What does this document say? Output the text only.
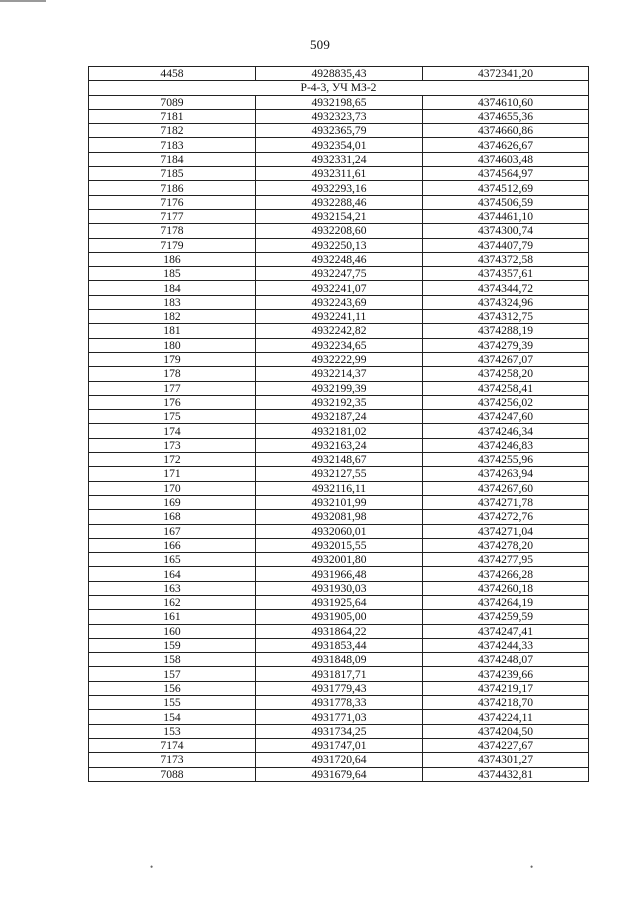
509
4458	4928835,43	4372341,20
Р-4-3, УЧ МЗ-2		
7089	4932198,65	4374610,60
7181	4932323,73	4374655,36
7182	4932365,79	4374660,86
7183	4932354,01	4374626,67
7184	4932331,24	4374603,48
7185	4932311,61	4374564,97
7186	4932293,16	4374512,69
7176	4932288,46	4374506,59
7177	4932154,21	4374461,10
7178	4932208,60	4374300,74
7179	4932250,13	4374407,79
186	4932248,46	4374372,58
185	4932247,75	4374357,61
184	4932241,07	4374344,72
183	4932243,69	4374324,96
182	4932241,11	4374312,75
181	4932242,82	4374288,19
180	4932234,65	4374279,39
179	4932222,99	4374267,07
178	4932214,37	4374258,20
177	4932199,39	4374258,41
176	4932192,35	4374256,02
175	4932187,24	4374247,60
174	4932181,02	4374246,34
173	4932163,24	4374246,83
172	4932148,67	4374255,96
171	4932127,55	4374263,94
170	4932116,11	4374267,60
169	4932101,99	4374271,78
168	4932081,98	4374272,76
167	4932060,01	4374271,04
166	4932015,55	4374278,20
165	4932001,80	4374277,95
164	4931966,48	4374266,28
163	4931930,03	4374260,18
162	4931925,64	4374264,19
161	4931905,00	4374259,59
160	4931864,22	4374247,41
159	4931853,44	4374244,33
158	4931848,09	4374248,07
157	4931817,71	4374239,66
156	4931779,43	4374219,17
155	4931778,33	4374218,70
154	4931771,03	4374224,11
153	4931734,25	4374204,50
7174	4931747,01	4374227,67
7173	4931720,64	4374301,27
7088	4931679,64	4374432,81
•	•
